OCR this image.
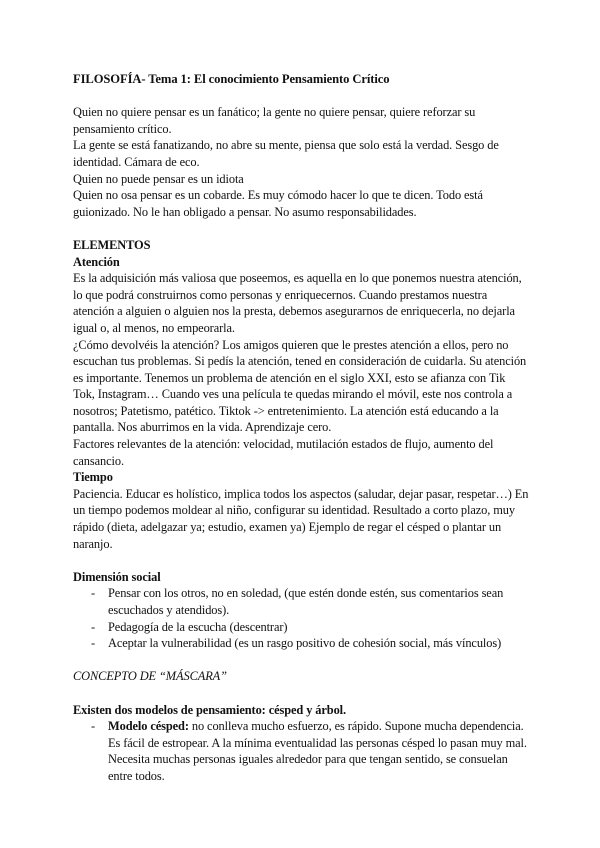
FILOSOFÍA- Tema 1: El conocimiento Pensamiento Crítico
Quien no quiere pensar es un fanático; la gente no quiere pensar, quiere reforzar su
pensamiento crítico.
La gente se está fanatizando, no abre su mente, piensa que solo está la verdad. Sesgo de
identidad. Cámara de eco.
Quien no puede pensar es un idiota
Quien no osa pensar es un cobarde. Es muy cómodo hacer lo que te dicen. Todo está
guionizado. No le han obligado a pensar. No asumo responsabilidades.
ELEMENTOS
Atención
Es la adquisición más valiosa que poseemos, es aquella en lo que ponemos nuestra atención,
lo que podrá construirnos como personas y enriquecernos. Cuando prestamos nuestra
atención a alguien o alguien nos la presta, debemos asegurarnos de enriquecerla, no dejarla
igual o, al menos, no empeorarla.
¿Cómo devolvéis la atención? Los amigos quieren que le prestes atención a ellos, pero no
escuchan tus problemas. Si pedís la atención, tened en consideración de cuidarla. Su atención
es importante. Tenemos un problema de atención en el siglo XXI, esto se afianza con Tik
Tok, Instagram… Cuando ves una película te quedas mirando el móvil, este nos controla a
nosotros; Patetismo, patético. Tiktok -> entretenimiento. La atención está educando a la
pantalla. Nos aburrimos en la vida. Aprendizaje cero.
Factores relevantes de la atención: velocidad, mutilación estados de flujo, aumento del
cansancio.
Tiempo
Paciencia. Educar es holístico, implica todos los aspectos (saludar, dejar pasar, respetar…) En
un tiempo podemos moldear al niño, configurar su identidad. Resultado a corto plazo, muy
rápido (dieta, adelgazar ya; estudio, examen ya) Ejemplo de regar el césped o plantar un
naranjo.
Dimensión social
- Pensar con los otros, no en soledad, (que estén donde estén, sus comentarios sean
escuchados y atendidos).
- Pedagogía de la escucha (descentrar)
- Aceptar la vulnerabilidad (es un rasgo positivo de cohesión social, más vínculos)
CONCEPTO DE “MÁSCARA”
Existen dos modelos de pensamiento: césped y árbol.
- Modelo césped: no conlleva mucho esfuerzo, es rápido. Supone mucha dependencia.
Es fácil de estropear. A la mínima eventualidad las personas césped lo pasan muy mal.
Necesita muchas personas iguales alrededor para que tengan sentido, se consuelan
entre todos.
